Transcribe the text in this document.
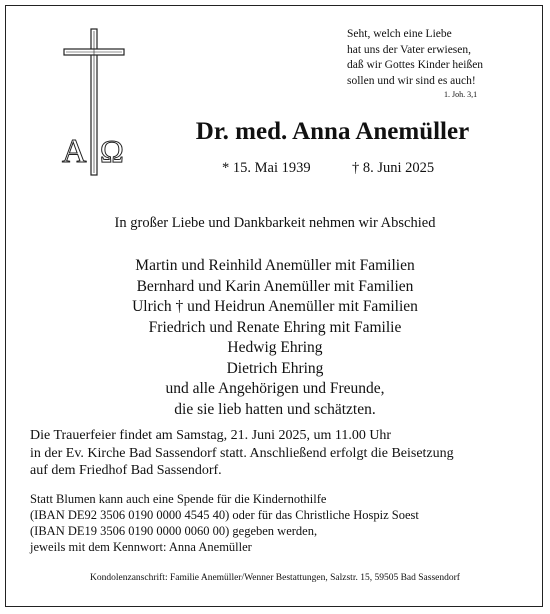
A Ω
Seht, welch eine Liebe
hat uns der Vater erwiesen,
daß wir Gottes Kinder heißen
sollen und wir sind es auch!
1. Joh. 3,1
Dr. med. Anna Anemüller
* 15. Mai 1939	† 8. Juni 2025
In großer Liebe und Dankbarkeit nehmen wir Abschied
Martin und Reinhild Anemüller mit Familien
Bernhard und Karin Anemüller mit Familien
Ulrich † und Heidrun Anemüller mit Familien
Friedrich und Renate Ehring mit Familie
Hedwig Ehring
Dietrich Ehring
und alle Angehörigen und Freunde,
die sie lieb hatten und schätzten.
Die Trauerfeier findet am Samstag, 21. Juni 2025, um 11.00 Uhr
in der Ev. Kirche Bad Sassendorf statt. Anschließend erfolgt die Beisetzung
auf dem Friedhof Bad Sassendorf.
Statt Blumen kann auch eine Spende für die Kindernothilfe
(IBAN DE92 3506 0190 0000 4545 40) oder für das Christliche Hospiz Soest
(IBAN DE19 3506 0190 0000 0060 00) gegeben werden,
jeweils mit dem Kennwort: Anna Anemüller
Kondolenzanschrift: Familie Anemüller/Wenner Bestattungen, Salzstr. 15, 59505 Bad Sassendorf
